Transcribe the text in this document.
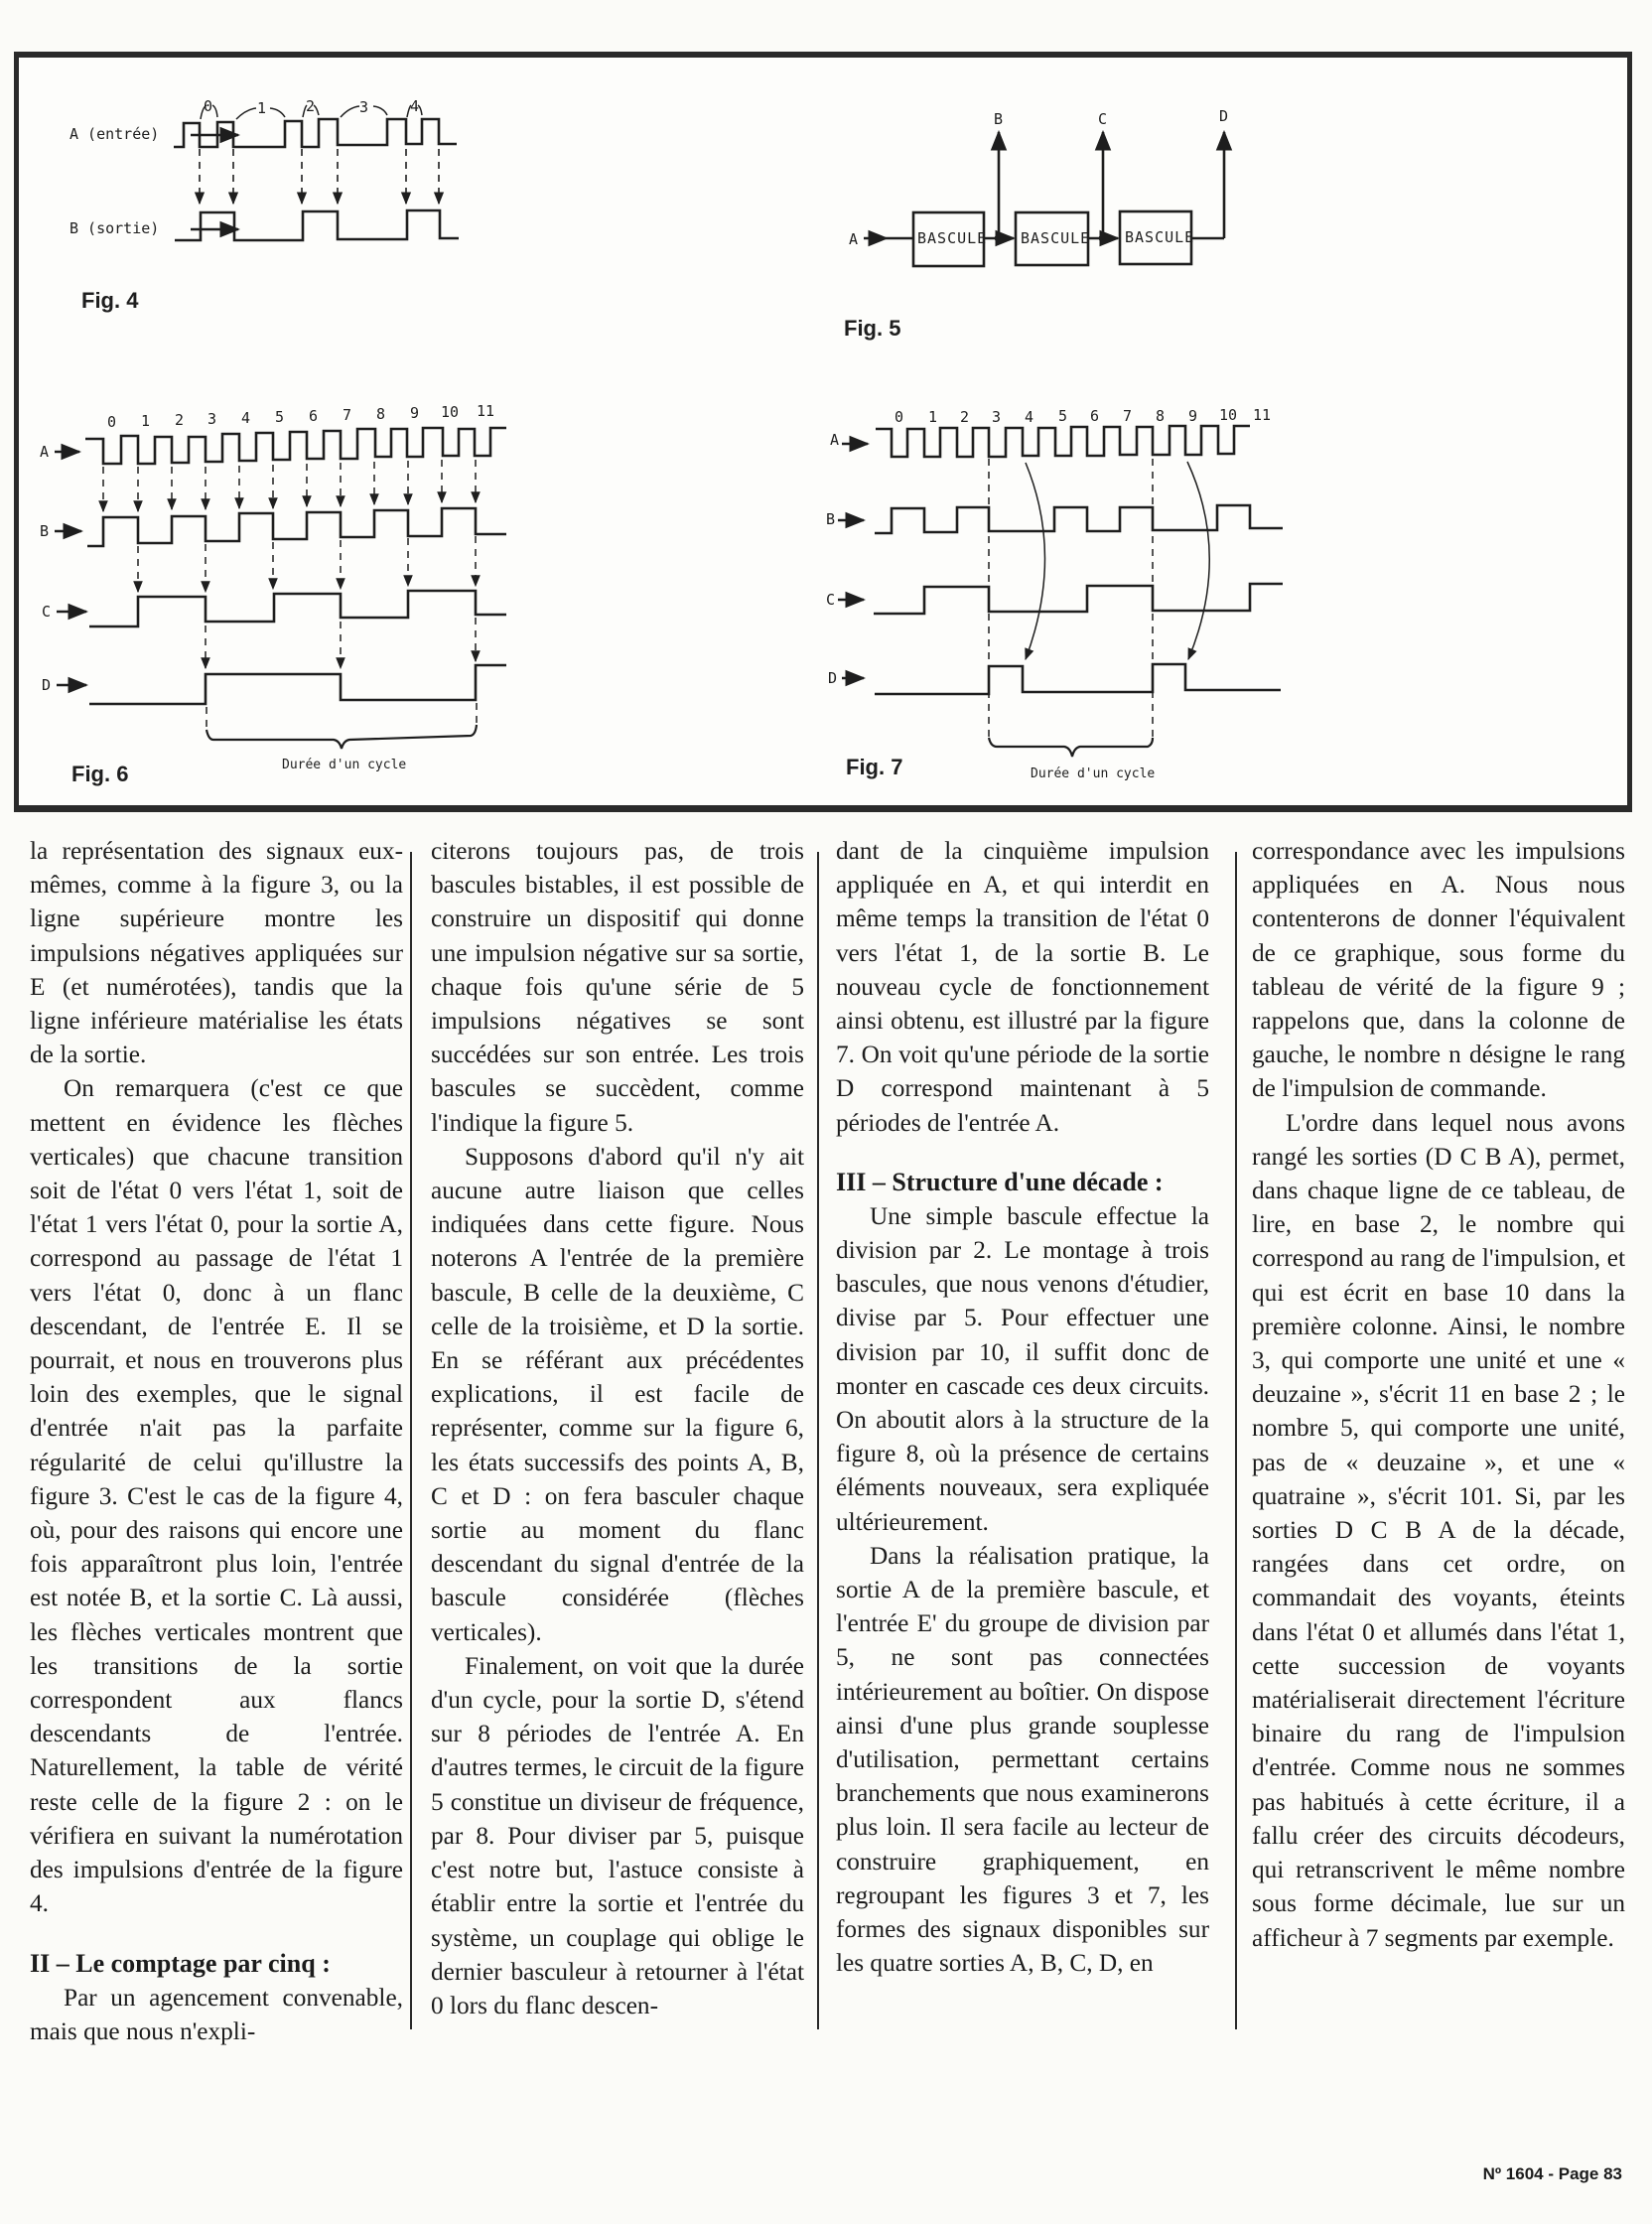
A (entrée)
B (sortie)
0	1	2	3	4
A	BASCULE BASCULE BASCULE
B	C	D
A
B
C
D
0 1 2 3 4 5 6 7 8 9 10 11
Durée d'un cycle
A
B
C
D
0 1 2 3 4 5 6 7 8 9 10 11
Durée d'un cycle
Fig. 4
Fig. 5
Fig. 6	Fig. 7

la représentation des signaux eux-mêmes, comme à la figure 3, ou la ligne supérieure montre les impulsions négatives appliquées sur E (et numérotées), tandis que la ligne inférieure matérialise les états de la sortie.

On remarquera (c'est ce que mettent en évidence les flèches verticales) que chacune transition soit de l'état 0 vers l'état 1, soit de l'état 1 vers l'état 0, pour la sortie A, correspond au passage de l'état 1 vers l'état 0, donc à un flanc descendant, de l'entrée E. Il se pourrait, et nous en trouverons plus loin des exemples, que le signal d'entrée n'ait pas la parfaite régularité de celui qu'illustre la figure 3. C'est le cas de la figure 4, où, pour des raisons qui encore une fois apparaîtront plus loin, l'entrée est notée B, et la sortie C. Là aussi, les flèches verticales montrent que les transitions de la sortie correspondent aux flancs descendants de l'entrée. Naturellement, la table de vérité reste celle de la figure 2 : on le vérifiera en suivant la numérotation des impulsions d'entrée de la figure 4.

II – Le comptage par cinq :

Par un agencement convenable, mais que nous n'expli-

citerons toujours pas, de trois bascules bistables, il est possible de construire un dispositif qui donne une impulsion négative sur sa sortie, chaque fois qu'une série de 5 impulsions négatives se sont succédées sur son entrée. Les trois bascules se succèdent, comme l'indique la figure 5.

Supposons d'abord qu'il n'y ait aucune autre liaison que celles indiquées dans cette figure. Nous noterons A l'entrée de la première bascule, B celle de la deuxième, C celle de la troisième, et D la sortie. En se référant aux précédentes explications, il est facile de représenter, comme sur la figure 6, les états successifs des points A, B, C et D : on fera basculer chaque sortie au moment du flanc descendant du signal d'entrée de la bascule considérée (flèches verticales).

Finalement, on voit que la durée d'un cycle, pour la sortie D, s'étend sur 8 périodes de l'entrée A. En d'autres termes, le circuit de la figure 5 constitue un diviseur de fréquence, par 8. Pour diviser par 5, puisque c'est notre but, l'astuce consiste à établir entre la sortie et l'entrée du système, un couplage qui oblige le dernier basculeur à retourner à l'état 0 lors du flanc descen-

dant de la cinquième impulsion appliquée en A, et qui interdit en même temps la transition de l'état 0 vers l'état 1, de la sortie B. Le nouveau cycle de fonctionnement ainsi obtenu, est illustré par la figure 7. On voit qu'une période de la sortie D correspond maintenant à 5 périodes de l'entrée A.

III – Structure d'une décade :

Une simple bascule effectue la division par 2. Le montage à trois bascules, que nous venons d'étudier, divise par 5. Pour effectuer une division par 10, il suffit donc de monter en cascade ces deux circuits. On aboutit alors à la structure de la figure 8, où la présence de certains éléments nouveaux, sera expliquée ultérieurement.

Dans la réalisation pratique, la sortie A de la première bascule, et l'entrée E' du groupe de division par 5, ne sont pas connectées intérieurement au boîtier. On dispose ainsi d'une plus grande souplesse d'utilisation, permettant certains branchements que nous examinerons plus loin. Il sera facile au lecteur de construire graphiquement, en regroupant les figures 3 et 7, les formes des signaux disponibles sur les quatre sorties A, B, C, D, en

correspondance avec les impulsions appliquées en A. Nous nous contenterons de donner l'équivalent de ce graphique, sous forme du tableau de vérité de la figure 9 ; rappelons que, dans la colonne de gauche, le nombre n désigne le rang de l'impulsion de commande.

L'ordre dans lequel nous avons rangé les sorties (D C B A), permet, dans chaque ligne de ce tableau, de lire, en base 2, le nombre qui correspond au rang de l'impulsion, et qui est écrit en base 10 dans la première colonne. Ainsi, le nombre 3, qui comporte une unité et une « deuzaine », s'écrit 11 en base 2 ; le nombre 5, qui comporte une unité, pas de « deuzaine », et une « quatraine », s'écrit 101. Si, par les sorties D C B A de la décade, rangées dans cet ordre, on commandait des voyants, éteints dans l'état 0 et allumés dans l'état 1, cette succession de voyants matérialiserait directement l'écriture binaire du rang de l'impulsion d'entrée. Comme nous ne sommes pas habitués à cette écriture, il a fallu créer des circuits décodeurs, qui retranscrivent le même nombre sous forme décimale, lue sur un afficheur à 7 segments par exemple.

Nº 1604 - Page 83
